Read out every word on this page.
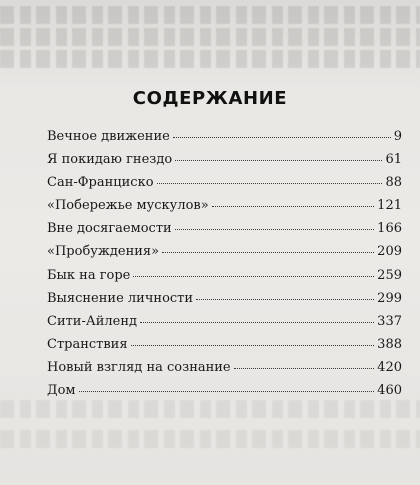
СОДЕРЖАНИЕ
Вечное движение	9
Я покидаю гнездо	61
Сан-Франциско	88
«Побережье мускулов»	121
Вне досягаемости	166
«Пробуждения»	209
Бык на горе	259
Выяснение личности	299
Сити-Айленд	337
Странствия	388
Новый взгляд на сознание	420
Дом	460
